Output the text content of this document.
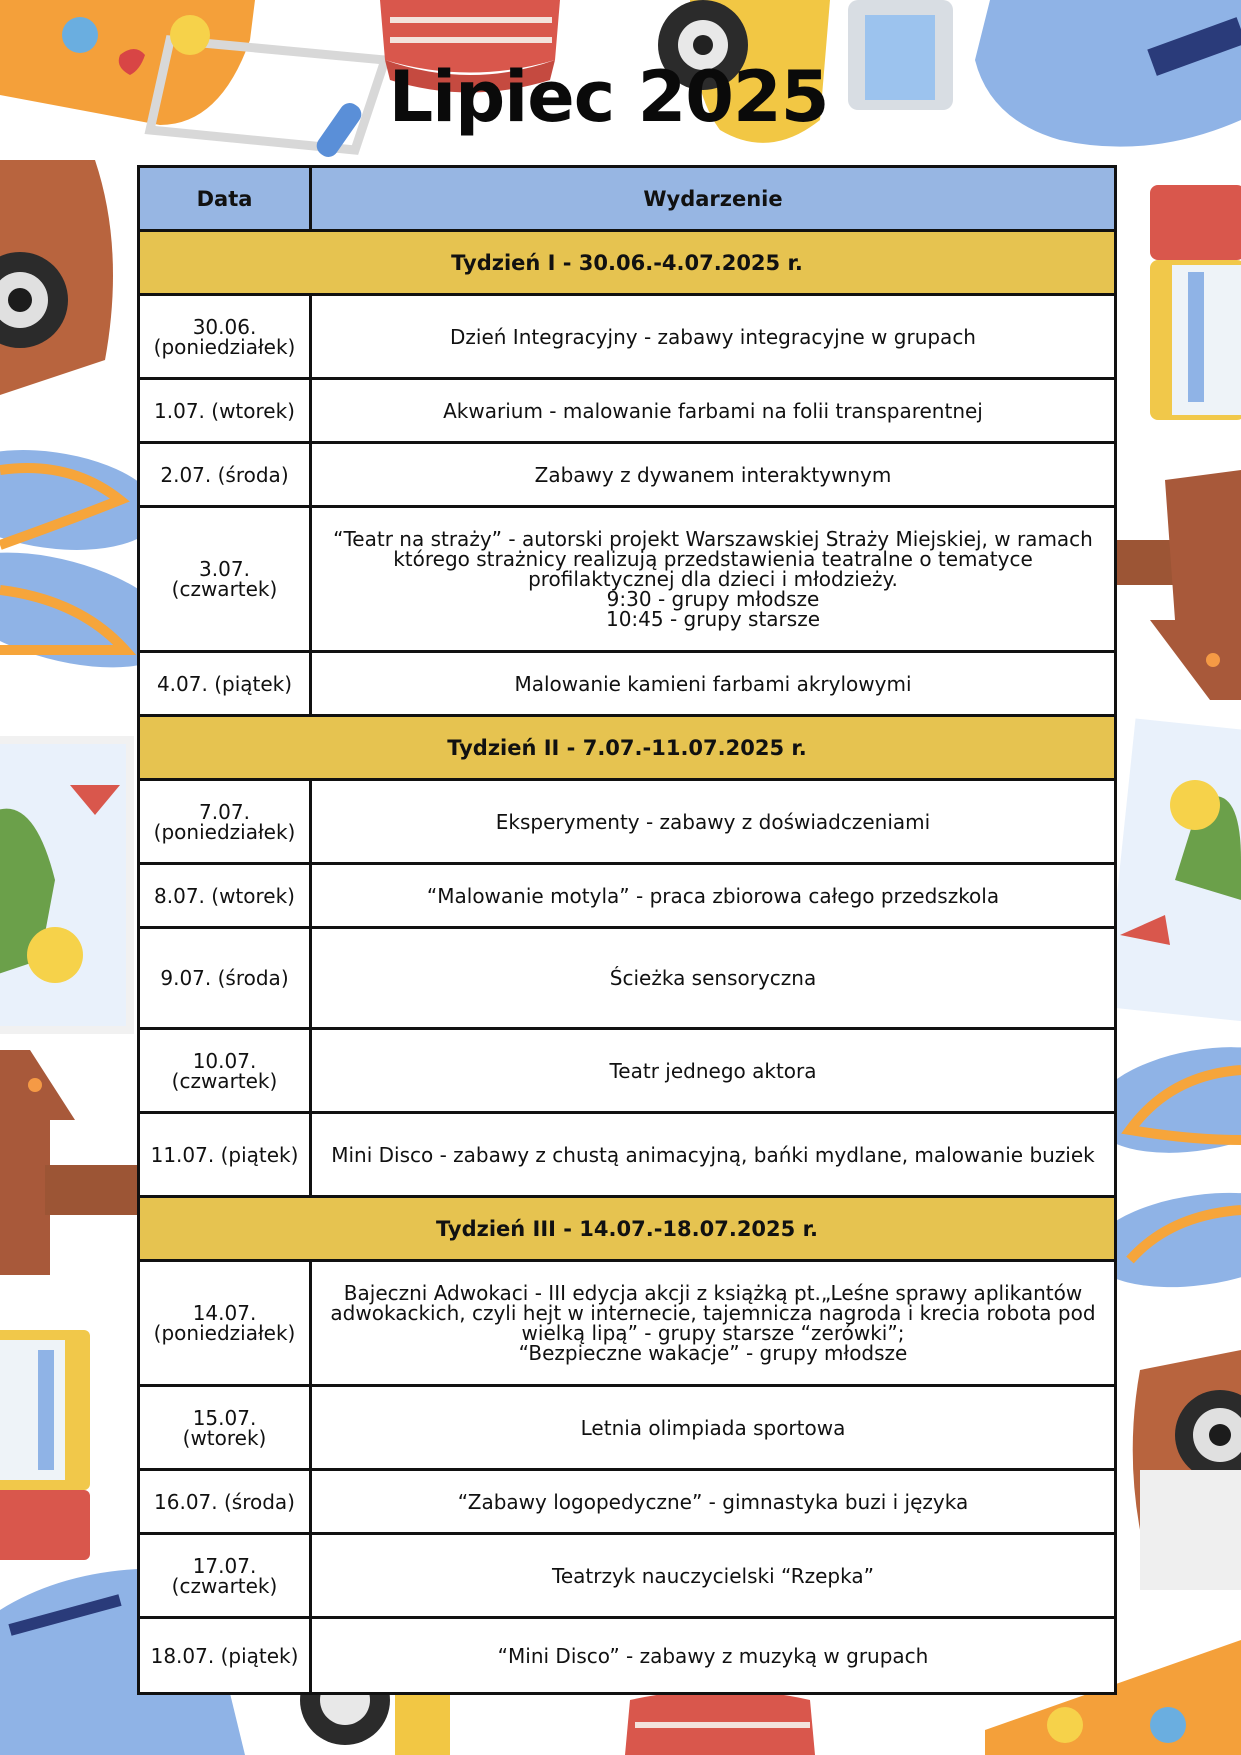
Lipiec 2025
Data	Wydarzenie
Tydzień I - 30.06.-4.07.2025 r.	

30.06.
(poniedziałek)	Dzień Integracyjny - zabawy integracyjne w grupach

1.07. (wtorek)	Akwarium - malowanie farbami na folii transparentnej

2.07. (środa)	Zabawy z dywanem interaktywnym

3.07.
(czwartek)	“Teatr na straży” - autorski projekt Warszawskiej Straży Miejskiej, w ramach
którego strażnicy realizują przedstawienia teatralne o tematyce
profilaktycznej dla dzieci i młodzieży.
9:30 - grupy młodsze
10:45 - grupy starsze

4.07. (piątek)	Malowanie kamieni farbami akrylowymi

Tydzień II - 7.07.-11.07.2025 r.	

7.07.
(poniedziałek)	Eksperymenty - zabawy z doświadczeniami

8.07. (wtorek)	“Malowanie motyla” - praca zbiorowa całego przedszkola

9.07. (środa)	Ścieżka sensoryczna

10.07.
(czwartek)	Teatr jednego aktora

11.07. (piątek)	Mini Disco - zabawy z chustą animacyjną, bańki mydlane, malowanie buziek

Tydzień III - 14.07.-18.07.2025 r.	

14.07.
(poniedziałek)	Bajeczni Adwokaci - III edycja akcji z książką pt.„Leśne sprawy aplikantów
adwokackich, czyli hejt w internecie, tajemnicza nagroda i krecia robota pod
wielką lipą” - grupy starsze “zerówki”;
“Bezpieczne wakacje” - grupy młodsze

15.07.
(wtorek)	Letnia olimpiada sportowa

16.07. (środa)	“Zabawy logopedyczne” - gimnastyka buzi i języka

17.07.
(czwartek)	Teatrzyk nauczycielski “Rzepka”

18.07. (piątek)	“Mini Disco” - zabawy z muzyką w grupach
